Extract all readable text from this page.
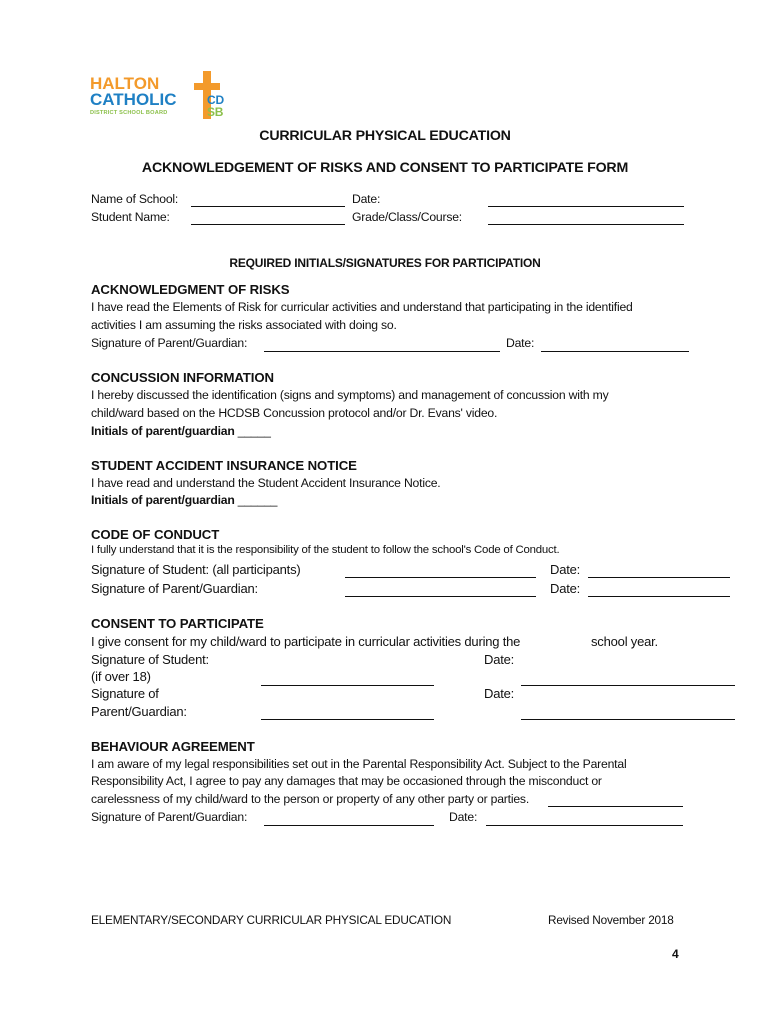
HALTON
CATHOLIC
DISTRICT SCHOOL BOARD
CD
SB
CURRICULAR PHYSICAL EDUCATION
ACKNOWLEDGEMENT OF RISKS AND CONSENT TO PARTICIPATE FORM
Name of School:	Date:
Student Name:	Grade/Class/Course:
REQUIRED INITIALS/SIGNATURES FOR PARTICIPATION
ACKNOWLEDGMENT OF RISKS
I have read the Elements of Risk for curricular activities and understand that participating in the identified
activities I am assuming the risks associated with doing so.
Signature of Parent/Guardian:	Date:
CONCUSSION INFORMATION
I hereby discussed the identification (signs and symptoms) and management of concussion with my
child/ward based on the HCDSB Concussion protocol and/or Dr. Evans' video.
Initials of parent/guardian _____
STUDENT ACCIDENT INSURANCE NOTICE
I have read and understand the Student Accident Insurance Notice.
Initials of parent/guardian ______
CODE OF CONDUCT
I fully understand that it is the responsibility of the student to follow the school's Code of Conduct.
Signature of Student: (all participants)	Date:
Signature of Parent/Guardian:	Date:
CONSENT TO PARTICIPATE
I give consent for my child/ward to participate in curricular activities during the	school year.
Signature of Student:	Date:
(if over 18)
Signature of	Date:
Parent/Guardian:
BEHAVIOUR AGREEMENT
I am aware of my legal responsibilities set out in the Parental Responsibility Act. Subject to the Parental
Responsibility Act, I agree to pay any damages that may be occasioned through the misconduct or
carelessness of my child/ward to the person or property of any other party or parties.
Signature of Parent/Guardian:	Date:
ELEMENTARY/SECONDARY CURRICULAR PHYSICAL EDUCATION	Revised November 2018
4
